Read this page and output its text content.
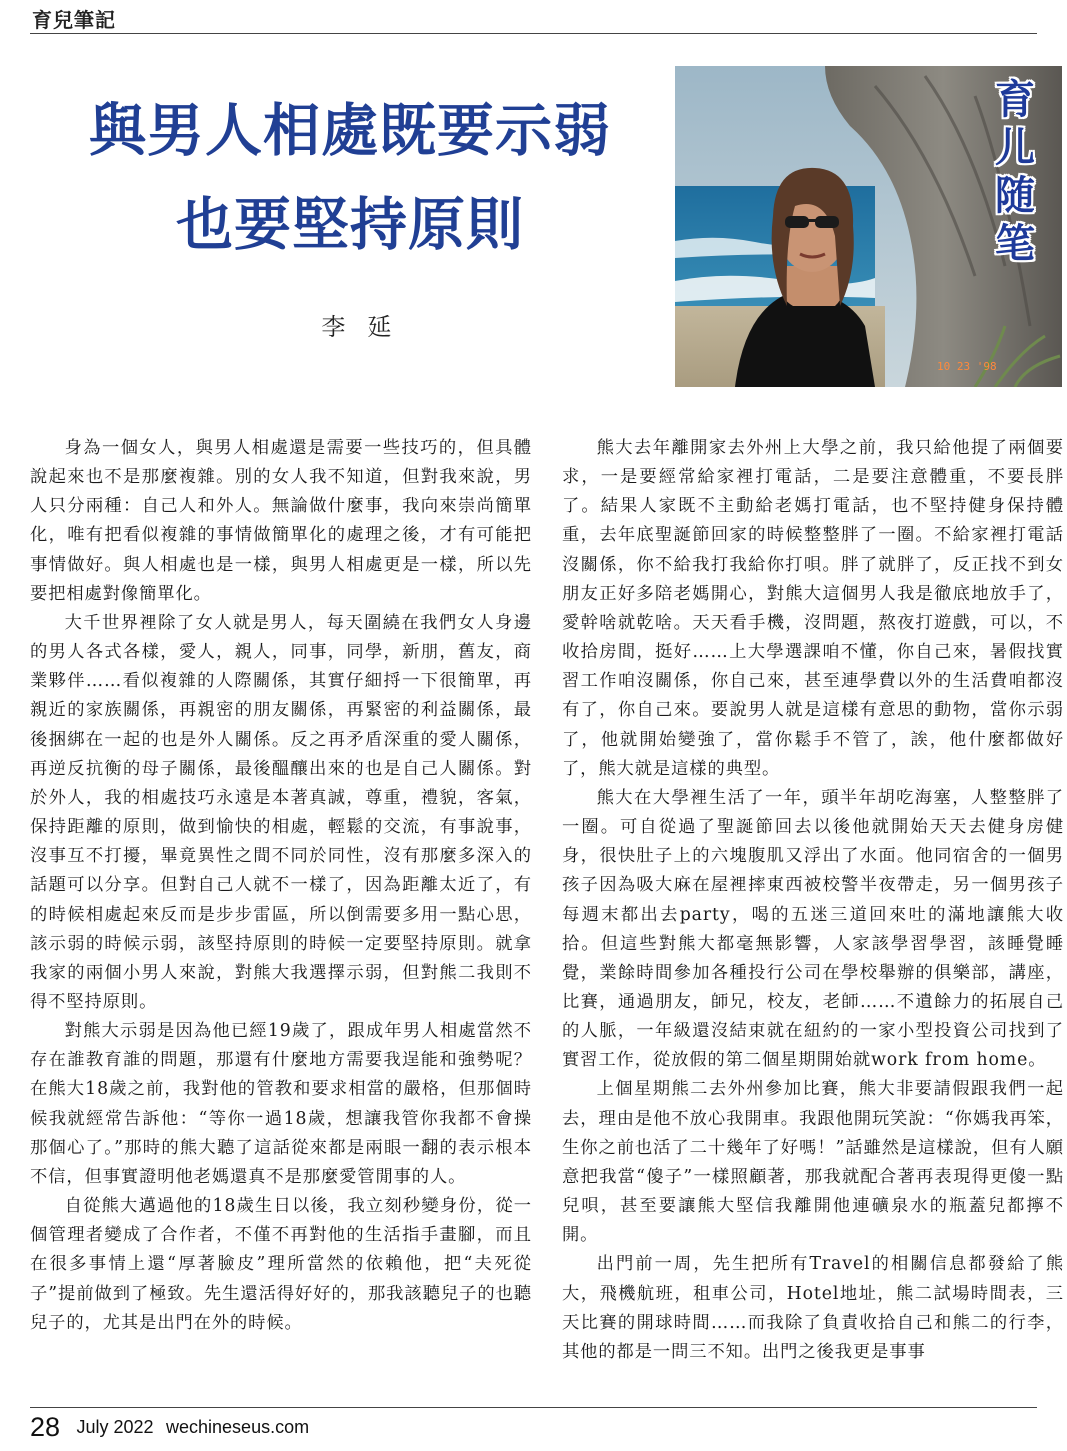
育兒筆記
與男人相處既要示弱
也要堅持原則
李 延
10 23 '98
育
儿
随
笔

身為一個女人，與男人相處還是需要一些技巧的，但具體說起來也不是那麼複雜。別的女人我不知道，但對我來說，男人只分兩種：自己人和外人。無論做什麼事，我向來崇尚簡單化，唯有把看似複雜的事情做簡單化的處理之後，才有可能把事情做好。與人相處也是一樣，與男人相處更是一樣，所以先要把相處對像簡單化。

大千世界裡除了女人就是男人，每天圍繞在我們女人身邊的男人各式各樣，愛人，親人，同事，同學，新朋，舊友，商業夥伴……看似複雜的人際關係，其實仔細捋一下很簡單，再親近的家族關係，再親密的朋友關係，再緊密的利益關係，最後捆綁在一起的也是外人關係。反之再矛盾深重的愛人關係，再逆反抗衡的母子關係，最後醞釀出來的也是自己人關係。對於外人，我的相處技巧永遠是本著真誠，尊重，禮貌，客氣，保持距離的原則，做到愉快的相處，輕鬆的交流，有事說事，沒事互不打擾，畢竟異性之間不同於同性，沒有那麼多深入的話題可以分享。但對自己人就不一樣了，因為距離太近了，有的時候相處起來反而是步步雷區，所以倒需要多用一點心思，該示弱的時候示弱，該堅持原則的時候一定要堅持原則。就拿我家的兩個小男人來說，對熊大我選擇示弱，但對熊二我則不得不堅持原則。

對熊大示弱是因為他已經19歲了，跟成年男人相處當然不存在誰教育誰的問題，那還有什麼地方需要我逞能和強勢呢？在熊大18歲之前，我對他的管教和要求相當的嚴格，但那個時候我就經常告訴他：“等你一過18歲，想讓我管你我都不會操那個心了。”那時的熊大聽了這話從來都是兩眼一翻的表示根本不信，但事實證明他老媽還真不是那麼愛管閒事的人。

自從熊大邁過他的18歲生日以後，我立刻秒變身份，從一個管理者變成了合作者，不僅不再對他的生活指手畫腳，而且在很多事情上還“厚著臉皮”理所當然的依賴他，把“夫死從子”提前做到了極致。先生還活得好好的，那我該聽兒子的也聽兒子的，尤其是出門在外的時候。

熊大去年離開家去外州上大學之前，我只給他提了兩個要求，一是要經常給家裡打電話，二是要注意體重，不要長胖了。結果人家既不主動給老媽打電話，也不堅持健身保持體重，去年底聖誕節回家的時候整整胖了一圈。不給家裡打電話沒關係，你不給我打我給你打唄。胖了就胖了，反正找不到女朋友正好多陪老媽開心，對熊大這個男人我是徹底地放手了，愛幹啥就乾啥。天天看手機，沒問題，熬夜打遊戲，可以，不收拾房間，挺好……上大學選課咱不懂，你自己來，暑假找實習工作咱沒關係，你自己來，甚至連學費以外的生活費咱都沒有了，你自己來。要說男人就是這樣有意思的動物，當你示弱了，他就開始變強了，當你鬆手不管了，誒，他什麼都做好了，熊大就是這樣的典型。

熊大在大學裡生活了一年，頭半年胡吃海塞，人整整胖了一圈。可自從過了聖誕節回去以後他就開始天天去健身房健身，很快肚子上的六塊腹肌又浮出了水面。他同宿舍的一個男孩子因為吸大麻在屋裡摔東西被校警半夜帶走，另一個男孩子每週末都出去party，喝的五迷三道回來吐的滿地讓熊大收拾。但這些對熊大都毫無影響，人家該學習學習，該睡覺睡覺，業餘時間參加各種投行公司在學校舉辦的俱樂部，講座，比賽，通過朋友，師兄，校友，老師……不遺餘力的拓展自己的人脈，一年級還沒結束就在紐約的一家小型投資公司找到了實習工作，從放假的第二個星期開始就work from home。

上個星期熊二去外州參加比賽，熊大非要請假跟我們一起去，理由是他不放心我開車。我跟他開玩笑說：“你媽我再笨，生你之前也活了二十幾年了好嗎！”話雖然是這樣說，但有人願意把我當“傻子”一樣照顧著，那我就配合著再表現得更傻一點兒唄，甚至要讓熊大堅信我離開他連礦泉水的瓶蓋兒都擰不開。

出門前一周，先生把所有Travel的相關信息都發給了熊大，飛機航班，租車公司，Hotel地址，熊二試場時間表，三天比賽的開球時間……而我除了負責收拾自己和熊二的行李，其他的都是一問三不知。出門之後我更是事事

28 July 2022 wechineseus.com
